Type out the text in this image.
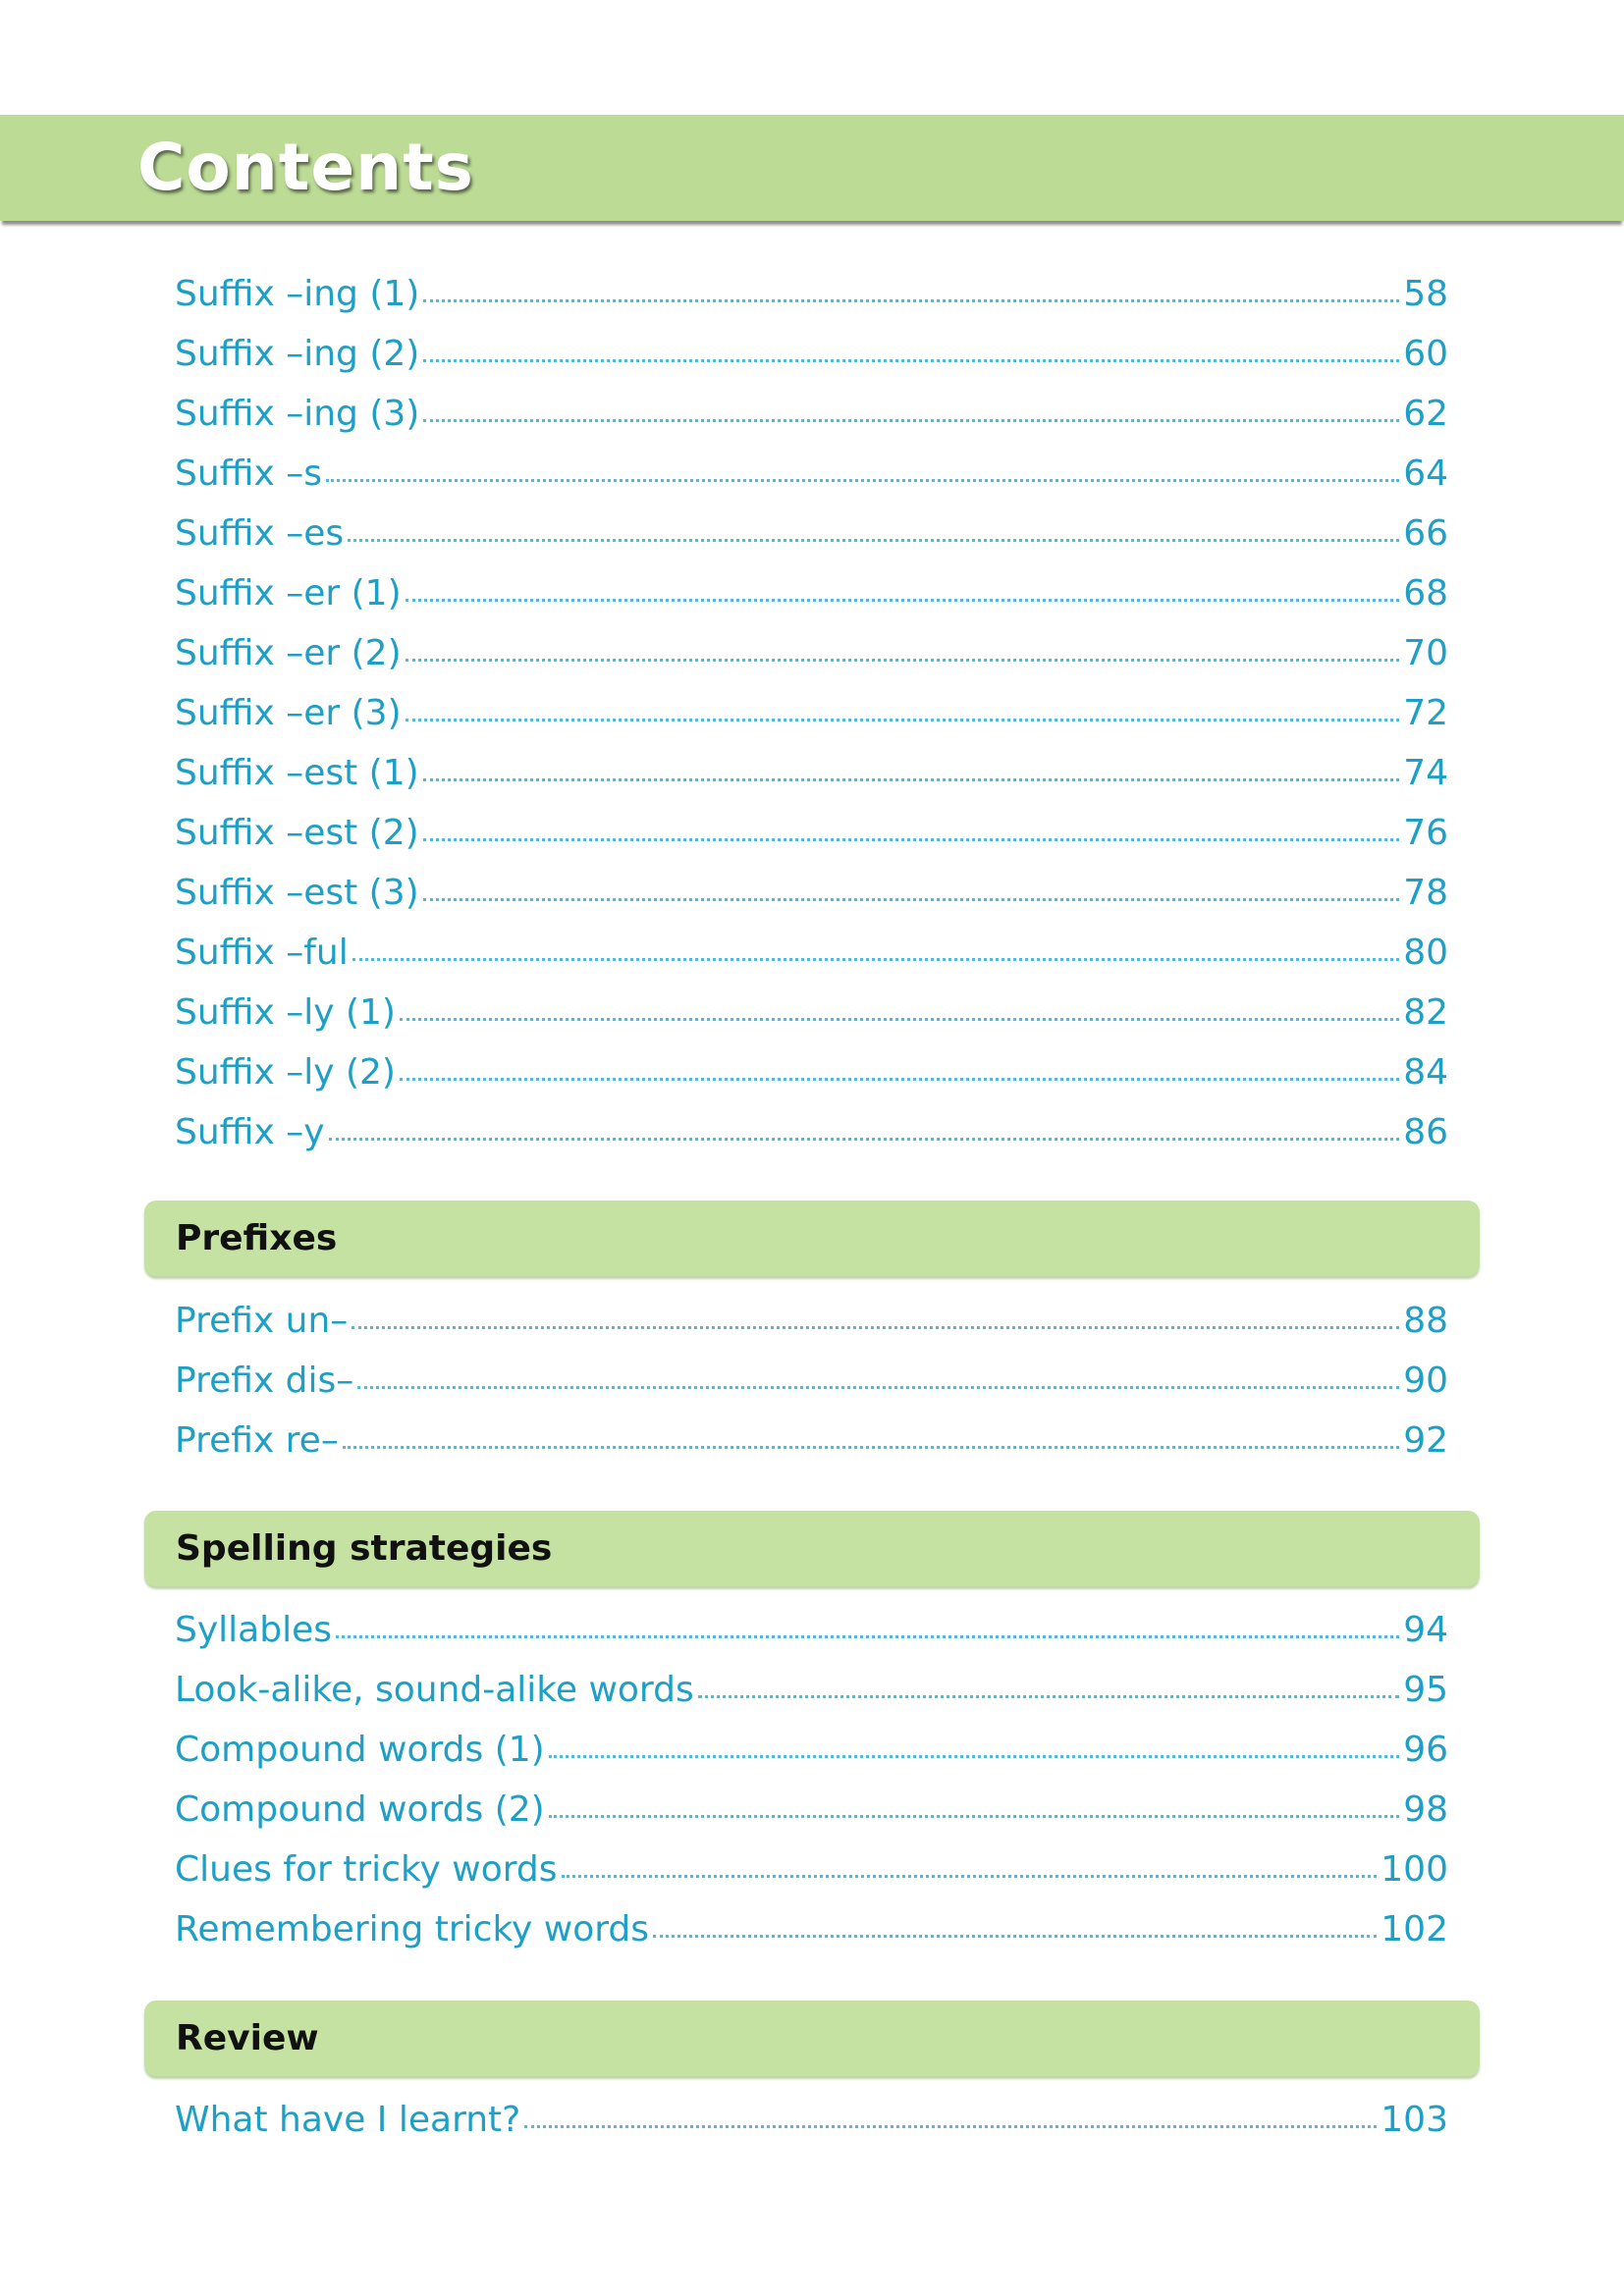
Contents
Suffix –ing (1)	58
Suffix –ing (2)	60
Suffix –ing (3)	62
Suffix –s	64
Suffix –es	66
Suffix –er (1)	68
Suffix –er (2)	70
Suffix –er (3)	72
Suffix –est (1)	74
Suffix –est (2)	76
Suffix –est (3)	78
Suffix –ful	80
Suffix –ly (1)	82
Suffix –ly (2)	84
Suffix –y	86
Prefixes
Prefix un–	88
Prefix dis–	90
Prefix re–	92
Spelling strategies
Syllables	94
Look-alike, sound-alike words	95
Compound words (1)	96
Compound words (2)	98
Clues for tricky words	100
Remembering tricky words	102
Review
What have I learnt?	103
